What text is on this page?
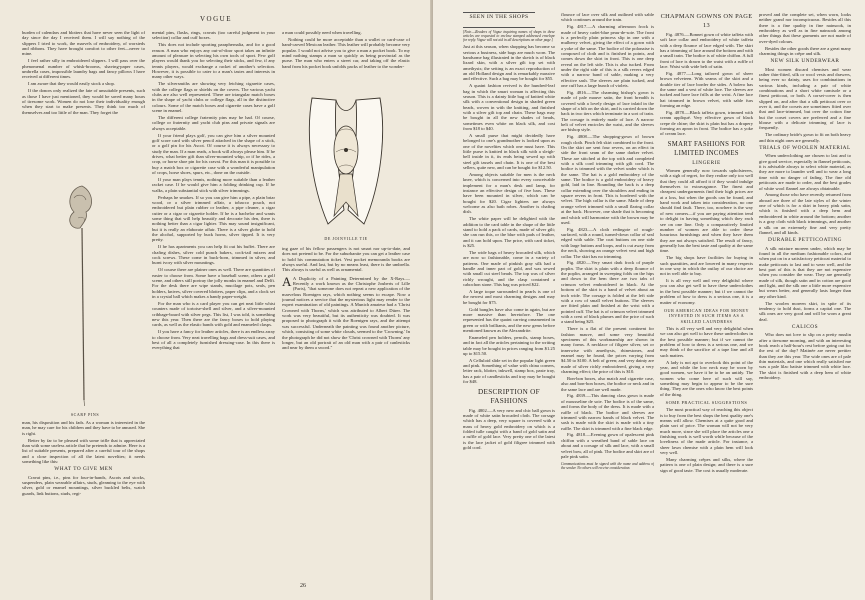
VOGUE

burden of calendars and blotters that have never seen the light of day since the day I received them. I will say nothing of the slippers I tried to work, the marvels of embroidery, of worsteds and ribbons. They have brought comfort to other feet—never to mine.

I feel rather silly in embroidered slippers. I will pass over the phenomenal number of whisk-brooms, shaving-paper cases, umbrella cases, impossible laundry bags and fancy pillows I have received at different times.

I am aware that they would easily stock a shop.

If the donors only realized the fate of unsuitable presents, such as those I have just mentioned, they would be saved many hours of tiresome work. Women do not lose their individuality enough when they start to make presents. They think too much of themselves and too little of the man. They forget the

SCARF PINS

man, his disposition and his fads. As a woman is interested in the man, he may care for his children and they have to be amused. She is right.

Better by far to be pleased with some trifle that is appreciated than with some useless article that he pretends to admire. Here is a list of suitable presents, prepared after a careful tour of the shops and a close inspection of all the latest novelties; it needs something like this:

WHAT TO GIVE MEN

Cravat pins, i.e., pins for four-in-hands, Ascots and stocks, suspenders, plain wearable affairs, studs, gleaming to the eye with silver, gold or enamel mountings, silver buckled belts, watch guards, link buttons, studs, regi-

mental pins, flasks, rings, cravats (too careful judgment in your selection) collar and cuff boxes.

This does not include sporting paraphernalia, and for a good reason. A man who enjoys any out-of-door sport takes an infinite amount of pleasure in selecting his own tools of sport. Few golf players would thank you for selecting their sticks, and few, if any tennis players, would exchange a racket of another's selection. However, it is possible to cater to a man's tastes and interests in many other ways.

The silversmiths are showing very fetching cigarette cases, with the college flags or shields on the covers. The various yacht clubs are also well represented. There are triangular match boxes in the shape of yacht clubs or college flags, all in the distinctive colours. Some of the match boxes and cigarette cases have a golf scene in enamel.

The different college fraternity pins may be had. Of course, college or fraternity and yacht club pins and private signals are always acceptable.

If your friend plays golf, you can give him a silver mounted golf score card with silver pencil attached in the shape of a stick, or a golf pin for his Ascot. Of course it is always necessary to study the man. If a man reads, a book will always please him. If he drives, what better gift than silver-mounted whip, or if he rides, a crop, or horse shoe pin for his cravat. For this man it is possible to buy a match box or cigarette case with a wonderful manipulation of crops, horse shoes, spurs, etc., done on the outside.

If your man plays tennis, nothing more suitable than a leather racket case. If he would give him a folding drinking cup. If he walks, a plain substantial stick with silver trimmings.

Perhaps he smokes. If so you can give him a pipe, a plain briar wood, or a silver trimmed affair, a tobacco pouch, not embroidered but plain rubber or leather, a pipe cleaner, a cigar cutter or a cigar or cigarette holder. If he is a bachelor and wants some thing that will help beautify and decorate his den, there is nothing better than a cigar lighter. This may sound insignificant, but it is really an elaborate affair. There is a silver globe to hold the alcohol, supported by buck horns, silver tipped. It is very pretty.

If he has apartments you can help fit out his buffet. There are chafing dishes, silver cold punch bakers, cock-tail mixers and cock screws. These come in buck-horn, trimmed in silver, and burnt ivory with silver mountings.

Of course there are plainer ones as well. There are quantities of easier to choose from. Some have a baseball scene, others a golf scene, and others still portray the jolly monks in enamel and Delft. For the desk there are wipe stands, mucilage pots, seals, pen holders, knives, silver covered blotters, paper clips, and a clock set in a crystal ball which makes a handy paper-weight.

For the man who is a card player you can get neat little whist counters made of tortoise-shell and silver, and a silver-mounted cribbage-board with silver pegs. This list, I was told, is something new this year. Then there are the fancy boxes to hold playing cards, as well as the elastic bands with gold and enameled clasps.

If you have a fancy for leather articles, there is an endless array to choose from. Very neat travelling bags and dress-suit cases, and best of all a completely furnished dressing-case. In this there is everything that

a man could possibly need when travelling.

Nothing could be more acceptable than a wallet or card-case of hand-carved Mexican leather. This leather will probably become very popular. I would not advise you to give a man a pocket book. To my mind nothing stamps a man so quickly as being provincial as the purse. The man who enters a street car, and taking off the elastic band from his pocket book unfolds packs of leather to the wonder-

DE JOINVILLE TIE

ing gaze of his fellow passengers is not smart nor up-to-date, and does not pretend to be. For the suburbanite you can get a leather case to hold his commutation ticket. Vest pocket memoranda books are always useful. And last, but by no means least, there is the umbrella. This always is useful as well as ornamental.

A A Duplicity of a Painting Determined by the X-Rays.—Recently a work known as the Christophe Jouberts of Lille (Paris), "that someone does not repeat a new application of the marvelous Roentgen rays, which nothing seems to escape. Now a journal notices a service that the mysterious light may render to the expert examination of old paintings. A Munich amateur had a 'Christ Crowned with Thorns,' which was attributed to Albert Dürer. The work was very beautiful, but its authenticity was doubted. It was proposed to photograph it with the Roentgen rays, and the attempt was successful. Underneath the painting was found another picture, which, consisting of some white clouds, seemed to the 'Crowning.' In the photograph he did not show the 'Christ crowned with Thorns' any longer, but an old portrait of an old man with a pair of canlesticks and near by them a sword."

26
SEEN IN THE SHOPS

[Note.—Readers of Vogue inquiring names of shops in these articles are requested to enclose stamped addressed envelope for reply. Vogue will not aid in all descriptions on other page.]

Just at this season, when shopping has become so serious a business, side bags are much worn. The handsome bag illustrated in the sketch is of black lizard skin, with a silver gilt top set with amethysts; the setting is an exact reproduction of an old Holland design and is remarkably massive and effective. Such a bag may be bought for $55.

A quaint fashion revived is the hundred-leaf bag in which the smart woman is affecting this season. This is a dainty little bag of knitted white silk with a conventional design in shaded green beads, woven in with the knitting, and finished with a silver gilt top and chain. These bags may be bought in all the new shades of beads, sometimes even white on black silk, and cost from $18 to $40.

A small purse that might decidedly have belonged to one's grandmother is looked upon as one of the novelties which one must have. This little purse is knitted in black silk with a sleigh-bell inside in it, its ends being sewed up with steel gilt tassels and chain. It is one of the best sellers, quite new, and can be bought for $12.50.

Among objects suitable for men is the neck knee, which is concerned into every conceivable implement for a man's desk and lamp, for instance an effective design of five bars. These have been mounted in silver, which can be bought for $20. Cigar lighters are always welcome as also bath robes. Another is chafing dish.

The white paper will be delighted with the addition to the card table in the shape of the little stand to hold a pack of cards, made of silver gilt; she can run this, or the blue with pads of leather, and it can hold upon. The price, with card ticket, is $25.

The wide bags of heavy brocaded silk, which are now so fashionable, come in a variety of patterns. One made of pinkish gray silk had a handle and inner part of gold, and was sewed with small cut steel beads. The top was of silver richly wrought, and the clasp contained a cabochon stone. This bag was priced $22.

A large toque surrounded in pearls is one of the newest and most charming designs and may be bought for $75.

Gold bangles have also come in again, but are more massive than heretofore. The one represented has the quaint carving ornamented in green or with brilliants, and the new gems before mentioned known as the Alexandrite.

Enameled pen holders, pencils, stamp boxes, and in fact all the articles pertaining to the writing table may be bought in prices ranging from $1.25 up to $15.50.

A Celluloid slide set in the popular light green and pink. Something of value with china corners, letter rack, blotter, inkwell, stamp box, paste tray, has a pair of candlesticks and tray may be bought for $48.

DESCRIPTION OF FASHIONS

Fig. 4802.—A very new and chic ball gown is made of white satin brocaded cloth. The corsage which has a deep, very square is covered with a mass of heavy gold embroidery on which is a folded tulle caught with a band of gold satin and a ruffle of gold lace. Very pretty one of the latest is the lace jacket of gold filigree trimmed with gold cord.

flounce of lace over silk and outlined with sable which continues around the train.

Fig. 4817.—A charming afternoon frock is made of heavy cadet-blue peau-de-soie. The front is a perfectly plain princess slip in one with a mulberry velvet, giving the effect of a gown with a yoke of the same. The bodice of the polonaise is composed of cloth and is finished in points, and comes down the skirt in front. This is one deep reveal on the left side. This is also tucked. From under the right side of this is a silk revers edged with a narrow band of sable, making a very effective sash. The sleeves are plain tucked, and one cuff has a large bunch of violets.

Fig. 4816.—The charming bishop's gown is made of pale mauve satin, the front breadth is covered with a lovely design of lace inlaid in the shape of a bib on the skirt, and is carried down the back in two tiers which terminate in a sort of train. The corsage is entirely made of lace. A narrow belt of velvet encircles the waist, and the sleeves are bishop style.

Fig. 4808.—The shopping-gown of brown rough cloth. Pinch felt skirt combined to the front. On the skirt are sent four revers, on an effect in side the front seam of the same darker velvet. These are stitched at the top with and completed with a silk cord trimming with gilt cord. The bodice is trimmed with the velvet under which is the same. The hat is a gold embroidery of the same. The bodice is a gold embroidery of heavy gold, laid in line. Rounding the back is a deep collar extending over the shoulders and ending in square revers in front. This is bordered with the velvet. The high collar is the same. Made of deep orange velvet trimmed with a small flaring collar at the back. However, one shade that is becoming and which will harmonize with the brown may be used.

Fig. 4823.—A cloth redingote of rough-surfaced, with a round, turned-down collar of seal edged with sable. The coat buttons on one side with large buttons and loops, and is cut away from the neck, showing an orange velvet vest and high collar. The skirt has no trimming.

Fig. 4820.—Very smart dark frock of purple poplin. The skirt is plain with a deep flounce of the poplin, arranged in sweeping folds on the hips and down to the hem there are two tabs of crimson velvet embroidered in black. At the bottom of the skirt is a band of velvet about an inch wide. The corsage is folded at the left side with a row of small velvet buttons. The sleeves are fitted plain and finished at the wrist with a pointed cuff. The hat is of crimson velvet trimmed with a crest of black plumes and the price of such a stand being $25.

There is a flat of the present continent for fashion mauve, and some very beautiful specimens of this workmanship are shown in many forms. A necklace of filigree silver, set or innerwise with amethysts, rhinestones, and enamel may be found, the prices varying from $4.50 to $100. A belt of green; and very dainty are made of silver richly embroidered, giving a very charming effect; the price of this is $10.

Bon-bon boxes, also match and cigarette case, also and bon-bon boxes, the bodice or neck and in the same lace and are well made.

Fig. 4839.—This dancing class gown is made of mousseline de soie. The bodice is of the same, and forms the body of the dress. It is made with a ruffle of black. The bodice and sleeves are trimmed with narrow bands of black velvet. The sash is made with the skirt is made with a tiny ruffle. The skirt is trimmed with a fine black edge.

Fig. 4818.—Evening gown of opalescent pink chiffon with a wreathed band of sable lace on about and a corsage of silk and lace, with a small velvet bow, all of pink. The bodice and skirt are of pale pink satin.

Communications must be signed with the name and address of the sender. No others will receive consideration.

CHAPMAN GOWNS ON PAGE 13

Fig. 4876.—Bonnet gown of white taffeta with soft lace collar and embroidery of white taffeta with a deep flounce of lace edged with. The skirt has a trimming of lace around the bottom and with a small train. The bodice is of white chiffon. A full front of lace is drawn to the waist with a ruffle of lace. Waist with wide belt of satin.

Fig. 4877.—Long tailored gown of sheer brown velveteen. With seams of the skirt and a double tier of lace border the sides. A bolero has the same and a vest of white lace. The sleeves are tucked and have lace frills at the wrist. A fine lace hat trimmed in brown velvet, with sable furs forming an edge.

Fig. 4878.—Black taffeta gown, trimmed with cream appliqué. Very effective gown of black crepe de chine; the skirt is plain but has a drapery forming an apron in front. The bodice has a yoke of cream lace.

SMART FASHIONS FOR LIMITED INCOMES
LINGERIE

Women generally now towards upholsterers, with a sigh of regret, for they realize only too well that they could all afford it if they would indulge themselves to extravagance. The finest and cheapest undergarments find their high prices are at a loss, but when the goods can be found, and hand work and taken into consideration, no one should find fault. There, too, nowhere is the way of new comers—if you are paying attention tend to delight in having something which they each see on one line. Only a comparatively limited number of women are able to order these luxurious furnishings and when they have them they are not always satisfied. The result of fancy, generally has the best taste and quality at the same time.

The big shops have facilities for buying in such quantities, and are lowered in many respects in one way in which the outlay of our choice are not in well able to buy.

It is all very well and very delightful where you can also get well to have these underclothes in the best possible manner; but if we cannot the problem of how to dress is a serious one, it is a matter of economy.

OUR AMERICAN IDEAS FOR MONEY INVESTED IN SUCH ITEMS AS A SKILLED LAUNDRESS

This is all very well and very delightful when we can also get well to have these underclothes in the best possible manner; but if we cannot the problem of how to dress is a serious one, and we may think of the sacrifice of a tape line and all such matters.

A lady is not apt to overlook this point of the year, and while the low neck may be worn by good women, we have it be to be an untidy. The women who come here of such will say, something may begin to appear to be the sure thing. They are the ones who know the best points of the thing.

SOME PRACTICAL SUGGESTIONS

The most practical way of reaching this object is to buy from the best shops the best quality one's means will allow. Chemises at a quite good and plain sort of price. The woman will not be very much more, since she will place the articles one a finishing work is well worth while because of the loveliness of the made article. For instance, a sheer lawn chemise with a plain hem will look very well.

Many charming crêpes and silks, where the pattern is one of plain design; and there is a sure sign of good taste. The cost is usually moderate.

proved and the complete set, when worn, looks neither grand nor inconspicuous. Besides all this there is a fine quality in fine nainsook, in embroidery as well as in fine nainsook among other things that these garments are not made of over-dyed colours.

Besides the other goods there are a great many charming things in crêpe and silk.

NEW SILK UNDERWEAR

Most women discard chemises and wear rather thin-fitted, silk or wool vests and drawers, being ever so dainty, uses for combinations in various kinds, including a pair of white combinations and a short white camisole or a finest petticoat, or both. A corset-cover is then slipped on, and after that a silk petticoat over or over it, and the corsets are sometimes fitted over that and lace-trimmed, but over the cotton fine but the corset covers are preferred and a fine blouse with a delicate trimming of lace is frequently.

The ordinary bride's gown to fit on both heavy and thin night ones are generally.

TRIALS OF WOOLEN MATERIAL

When underclothing are chosen to last and to give good service, especially in flannel petticoats, it is advisable always to select white material, as they are more to launder well and to wear a long time with no danger of fading. The fine old petticoats are made to order, and the best grades of white wool flannel are always obtainable.

Among those who have recently returned from abroad are three of the late styles of the winter one of which is for a skirt in heavy pink satin, which is finished with a deep hem and embroidered in white around the bottom; another is a gray cloth with black trimmings, and another a silk on an extremely fine and very pretty flannel, and all kinds.

DURABLE PETTICOATING

A silk mixture moreen under, which may be found in all the medium fashionable colors, and when put on in a satisfactory petticoat material to make petticoats to last and to wear well, and the best part of this is that they are not expensive when you consider the wear. They are generally made of silk, though satin and in cotton are good and light, and the silk one a little more expensive but wears better, and generally lasts longer than any other kind.

The woolen moreen skirt, in spite of its tendency to hold dust, forms a capital one. The silk ones are very good and will be worn a great deal.

CALICOS

Who does not love to slip on a pretty muslin after a tiresome morning, and with an interesting book reach a half-hour's rest before going out for the rest of the day? Matinée are never prettier than they are this year. The wide ones are of pale thin materials, and one which really satisfied me was a pale lilac batiste trimmed with white lace. The skirt is finished with a deep hem of white embroidery.
